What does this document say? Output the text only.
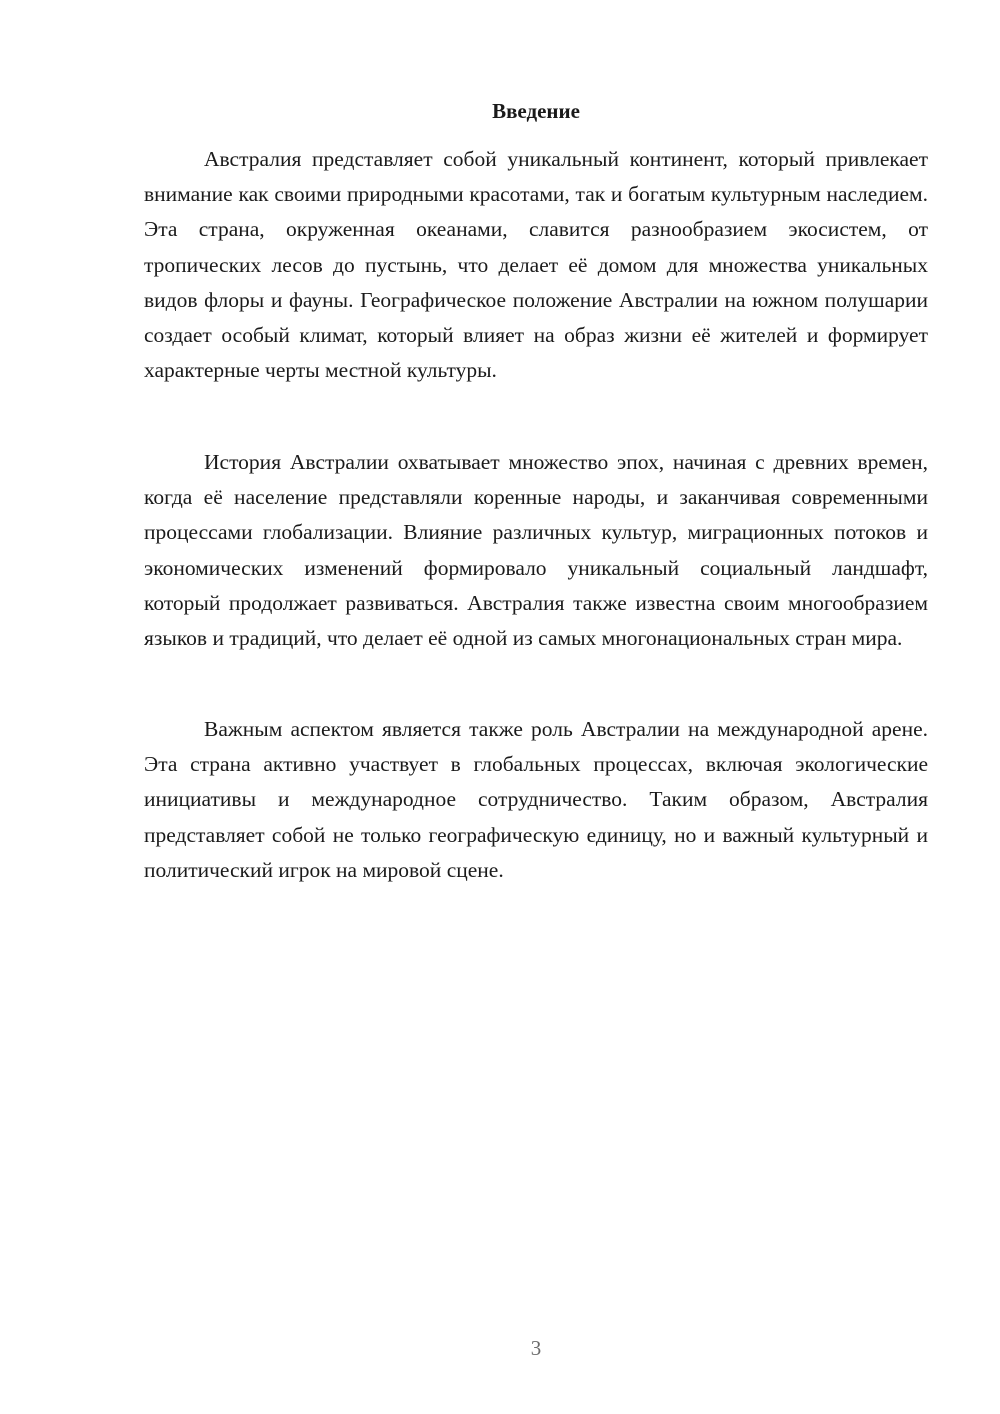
Введение

Австралия представляет собой уникальный континент, который привлекает внимание как своими природными красотами, так и богатым культурным наследием. Эта страна, окруженная океанами, славится разнообразием экосистем, от тропических лесов до пустынь, что делает её домом для множества уникальных видов флоры и фауны. Географическое положение Австралии на южном полушарии создает особый климат, который влияет на образ жизни её жителей и формирует характерные черты местной культуры.

История Австралии охватывает множество эпох, начиная с древних времен, когда её население представляли коренные народы, и заканчивая современными процессами глобализации. Влияние различных культур, миграционных потоков и экономических изменений формировало уникальный социальный ландшафт, который продолжает развиваться. Австралия также известна своим многообразием языков и традиций, что делает её одной из самых многонациональных стран мира.

Важным аспектом является также роль Австралии на международной арене. Эта страна активно участвует в глобальных процессах, включая экологические инициативы и международное сотрудничество. Таким образом, Австралия представляет собой не только географическую единицу, но и важный культурный и политический игрок на мировой сцене.

3
